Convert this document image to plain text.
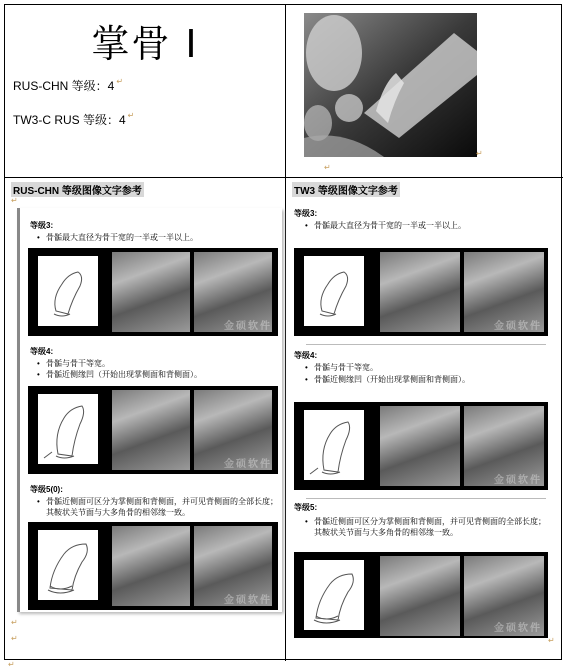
掌骨 I
RUS-CHN 等级：4 ↵
TW3-C RUS 等级：4 ↵
↵
↵
RUS-CHN 等级图像文字参考
↵
等级3:
• 骨骺最大直径为骨干宽的一半或一半以上。
金硕软件
等级4:
• 骨骺与骨干等宽。
• 骨骺近侧缘凹（开始出现掌侧面和背侧面）。
金硕软件
等级5(0):
• 骨骺近侧面可区分为掌侧面和背侧面，并可见背侧面的全部长度；其鞍状关节面与大多角骨的相邻缘一致。
金硕软件
↵
↵
TW3 等级图像文字参考
等级3:
• 骨骺最大直径为骨干宽的一半或一半以上。
金硕软件
等级4:
• 骨骺与骨干等宽。
• 骨骺近侧缘凹（开始出现掌侧面和背侧面）。
金硕软件
等级5:
• 骨骺近侧面可区分为掌侧面和背侧面，并可见背侧面的全部长度；其鞍状关节面与大多角骨的相邻缘一致。
金硕软件
↵
↵
